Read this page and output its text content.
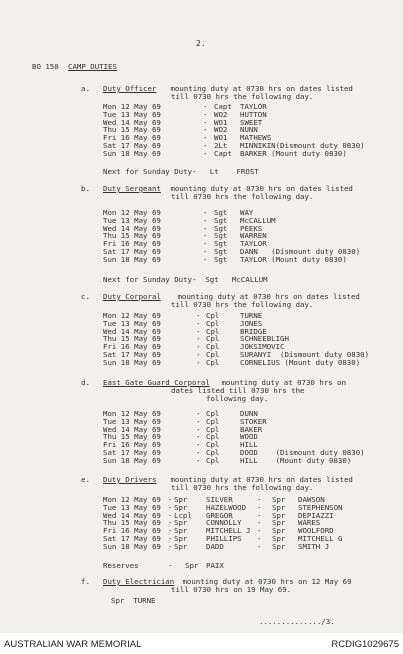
2.
BO 150 CAMP DUTIES
a. Duty Officer mounting duty at 0730 hrs on dates listed
till 0730 hrs the following day.
Mon 12 May 69	- Capt TAYLOR
Tue 13 May 69	- WO2 HUTTON
Wed 14 May 69	- WO1 SWEET
Thu 15 May 69	- WO2 NUNN
Fri 16 May 69	- WO1 MATHEWS
Sat 17 May 69	- 2Lt MINNIKIN(Dismount duty 0830)
Sun 18 May 69	- Capt BARKER (Mount duty 0830)
Next for Sunday Duty-   Lt    FROST
b. Duty Sergeant mounting duty at 0730 hrs on dates listed
till 0730 hrs the following day.
Mon 12 May 69	- Sgt WAY
Tue 13 May 69	- Sgt McCALLUM
Wed 14 May 69	- Sgt PEEKS
Thu 15 May 69	- Sgt WARREN
Fri 16 May 69	- Sgt TAYLOR
Sat 17 May 69	- Sgt DANN   (Dismount duty 0830)
Sun 18 May 69	- Sgt TAYLOR (Mount duty 0830)
Next for Sunday Duty-  Sgt   McCALLUM
c. Duty Corporal mounting duty at 0730 hrs on dates listed
till 0730 hrs the following day.
Mon 12 May 69	- Cpl	TURNE
Tue 13 May 69	- Cpl	JONES
Wed 14 May 69	- Cpl	BRIDGE
Thu 15 May 69	- Cpl	SCHNEEBLIGH
Fri 16 May 69	- Cpl	JOKSIMOVIC
Sat 17 May 69	- Cpl	SURANYI  (Dismount duty 0830)
Sun 18 May 69	- Cpl	CORNELIUS (Mount duty 0830)
d. East Gate Guard Corporal mounting duty at 0730 hrs on
dates listed till 0730 hrs the
following day.
Mon 12 May 69	- Cpl	DUNN
Tue 13 May 69	- Cpl	STOKER
Wed 14 May 69	- Cpl	BAKER
Thu 15 May 69	- Cpl	WOOD
Fri 16 May 69	- Cpl	HILL
Sat 17 May 69	- Cpl	DOOD    (Dismount duty 0830)
Sun 18 May 69	- Cpl	HILL    (Mount duty 0830)
e. Duty Drivers mounting duty at 0730 hrs on dates listed
till 0730 hrs the following day.
Mon 12 May 69 - Spr	SILVER	- Spr DAWSON
Tue 13 May 69 - Spr	HAZELWOOD - Spr STEPHENSON
Wed 14 May 69 - Lcpl GREGOR	- Spr DEPIAZZI
Thu 15 May 69 - Spr	CONNOLLY - Spr WARES
Fri 16 May 69 - Spr	MITCHELL J - Spr WOOLFORD
Sat 17 May 69 - Spr	PHILLIPS - Spr MITCHELL G
Sun 18 May 69 - Spr	DADD	- Spr SMITH J
Reserves	- Spr PAIX
f. Duty Electrician mounting duty at 0730 hrs on 12 May 69
till 0730 hrs on 19 May 69.
Spr  TURNE
............../3.
AUSTRALIAN WAR MEMORIAL	RCDIG1029675
